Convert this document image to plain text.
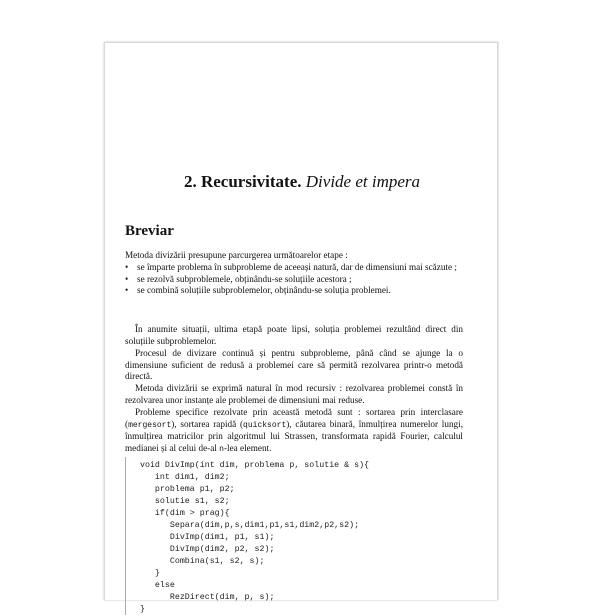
2. Recursivitate. Divide et impera
Breviar
Metoda divizării presupune parcurgerea următoarelor etape :
• se împarte problema în subprobleme de aceeași natură, dar de dimensiuni mai scăzute ;
• se rezolvă subproblemele, obținându-se soluțiile acestora ;
• se combină soluțiile subproblemelor, obținându-se soluția problemei.
În anumite situații, ultima etapă poate lipsi, soluția problemei rezultând direct din soluțiile subproblemelor.
Procesul de divizare continuă și pentru subprobleme, până când se ajunge la o dimensiune suficient de redusă a problemei care să permită rezolvarea printr-o metodă directă.
Metoda divizării se exprimă natural în mod recursiv : rezolvarea problemei constă în rezolvarea unor instanțe ale problemei de dimensiuni mai reduse.
Probleme specifice rezolvate prin această metodă sunt : sortarea prin interclasare (mergesort), sortarea rapidă (quicksort), căutarea binară, înmulțirea numerelor lungi, înmulțirea matricilor prin algoritmul lui Strassen, transformata rapidă Fourier, calculul medianei și al celui de-al n-lea element.
void DivImp(int dim, problema p, solutie & s){
int dim1, dim2;
problema p1, p2;
solutie s1, s2;
if(dim > prag){
Separa(dim,p,s,dim1,p1,s1,dim2,p2,s2);
DivImp(dim1, p1, s1);
DivImp(dim2, p2, s2);
Combina(s1, s2, s);
}
else
RezDirect(dim, p, s);
}
